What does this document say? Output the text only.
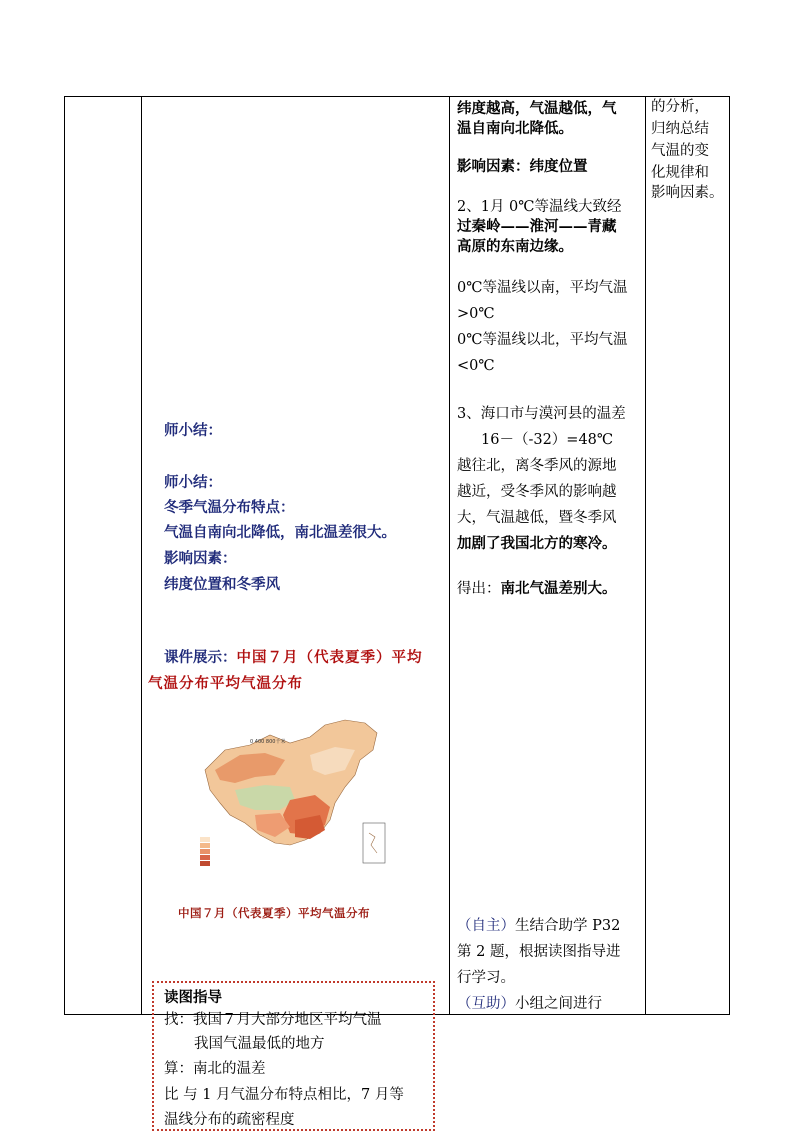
纬度越高，气温越低，气
温自南向北降低。
影响因素：纬度位置
2、1月 0℃等温线大致经
过秦岭——淮河——青藏
高原的东南边缘。
0℃等温线以南，平均气温
>0℃
0℃等温线以北，平均气温
<0℃
3、海口市与漠河县的温差
16－（-32）=48℃
越往北，离冬季风的源地
越近，受冬季风的影响越
大，气温越低，暨冬季风
加剧了我国北方的寒冷。
得出：南北气温差别大。
（自主）生结合助学 P32
第 2 题，根据读图指导进
行学习。
（互助）小组之间进行
的分析，
归纳总结
气温的变
化规律和
影响因素。
师小结：
师小结：
冬季气温分布特点：
气温自南向北降低，南北温差很大。
影响因素：
纬度位置和冬季风
课件展示：中国７月（代表夏季）平均
气温分布平均气温分布
0 400 800千米
中国７月（代表夏季）平均气温分布
读图指导
找：我国７月大部分地区平均气温
我国气温最低的地方
算：南北的温差
比 与 1 月气温分布特点相比，7 月等
温线分布的疏密程度
